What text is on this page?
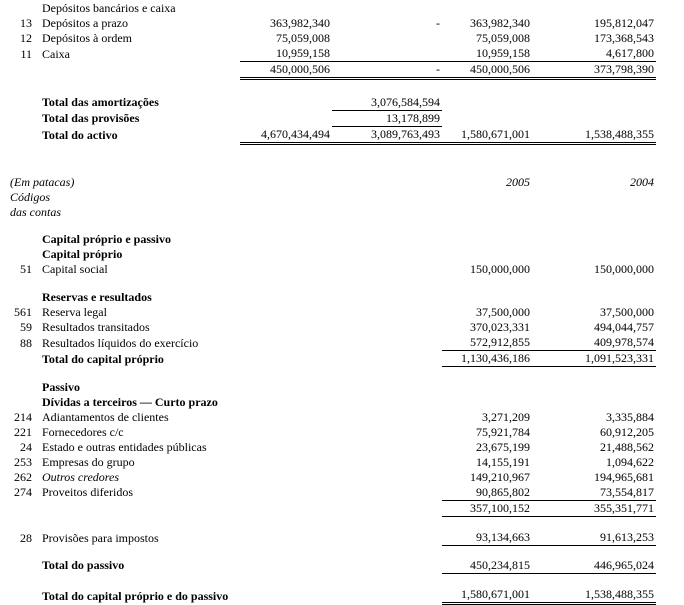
	Depósitos bancários e caixa					
13	Depósitos a prazo	363,982,340	-	363,982,340	195,812,047	
12	Depósitos à ordem	75,059,008		75,059,008	173,368,543	
11	Caixa	10,959,158		10,959,158	4,617,800	
		450,000,506	-	450,000,506	373,798,390	

	Total das amortizações		3,076,584,594			
	Total das provisões		13,178,899			
	Total do activo	4,670,434,494	3,089,763,493	1,580,671,001	1,538,488,355	

(Em patacas)				2005	2004	
Códigos						
das contas						

	Capital próprio e passivo					
	Capital próprio					
51	Capital social			150,000,000	150,000,000	

	Reservas e resultados					
561	Reserva legal			37,500,000	37,500,000	
59	Resultados transitados			370,023,331	494,044,757	
88	Resultados líquidos do exercício			572,912,855	409,978,574	
	Total do capital próprio			1,130,436,186	1,091,523,331	

	Passivo					
	Dívidas a terceiros — Curto prazo					
214	Adiantamentos de clientes			3,271,209	3,335,884	
221	Fornecedores c/c			75,921,784	60,912,205	
24	Estado e outras entidades públicas			23,675,199	21,488,562	
253	Empresas do grupo			14,155,191	1,094,622	
262	Outros credores			149,210,967	194,965,681	
274	Proveitos diferidos			90,865,802	73,554,817	
				357,100,152	355,351,771	

28	Provisões para impostos			93,134,663	91,613,253	

	Total do passivo			450,234,815	446,965,024	

	Total do capital próprio e do passivo			1,580,671,001	1,538,488,355	
